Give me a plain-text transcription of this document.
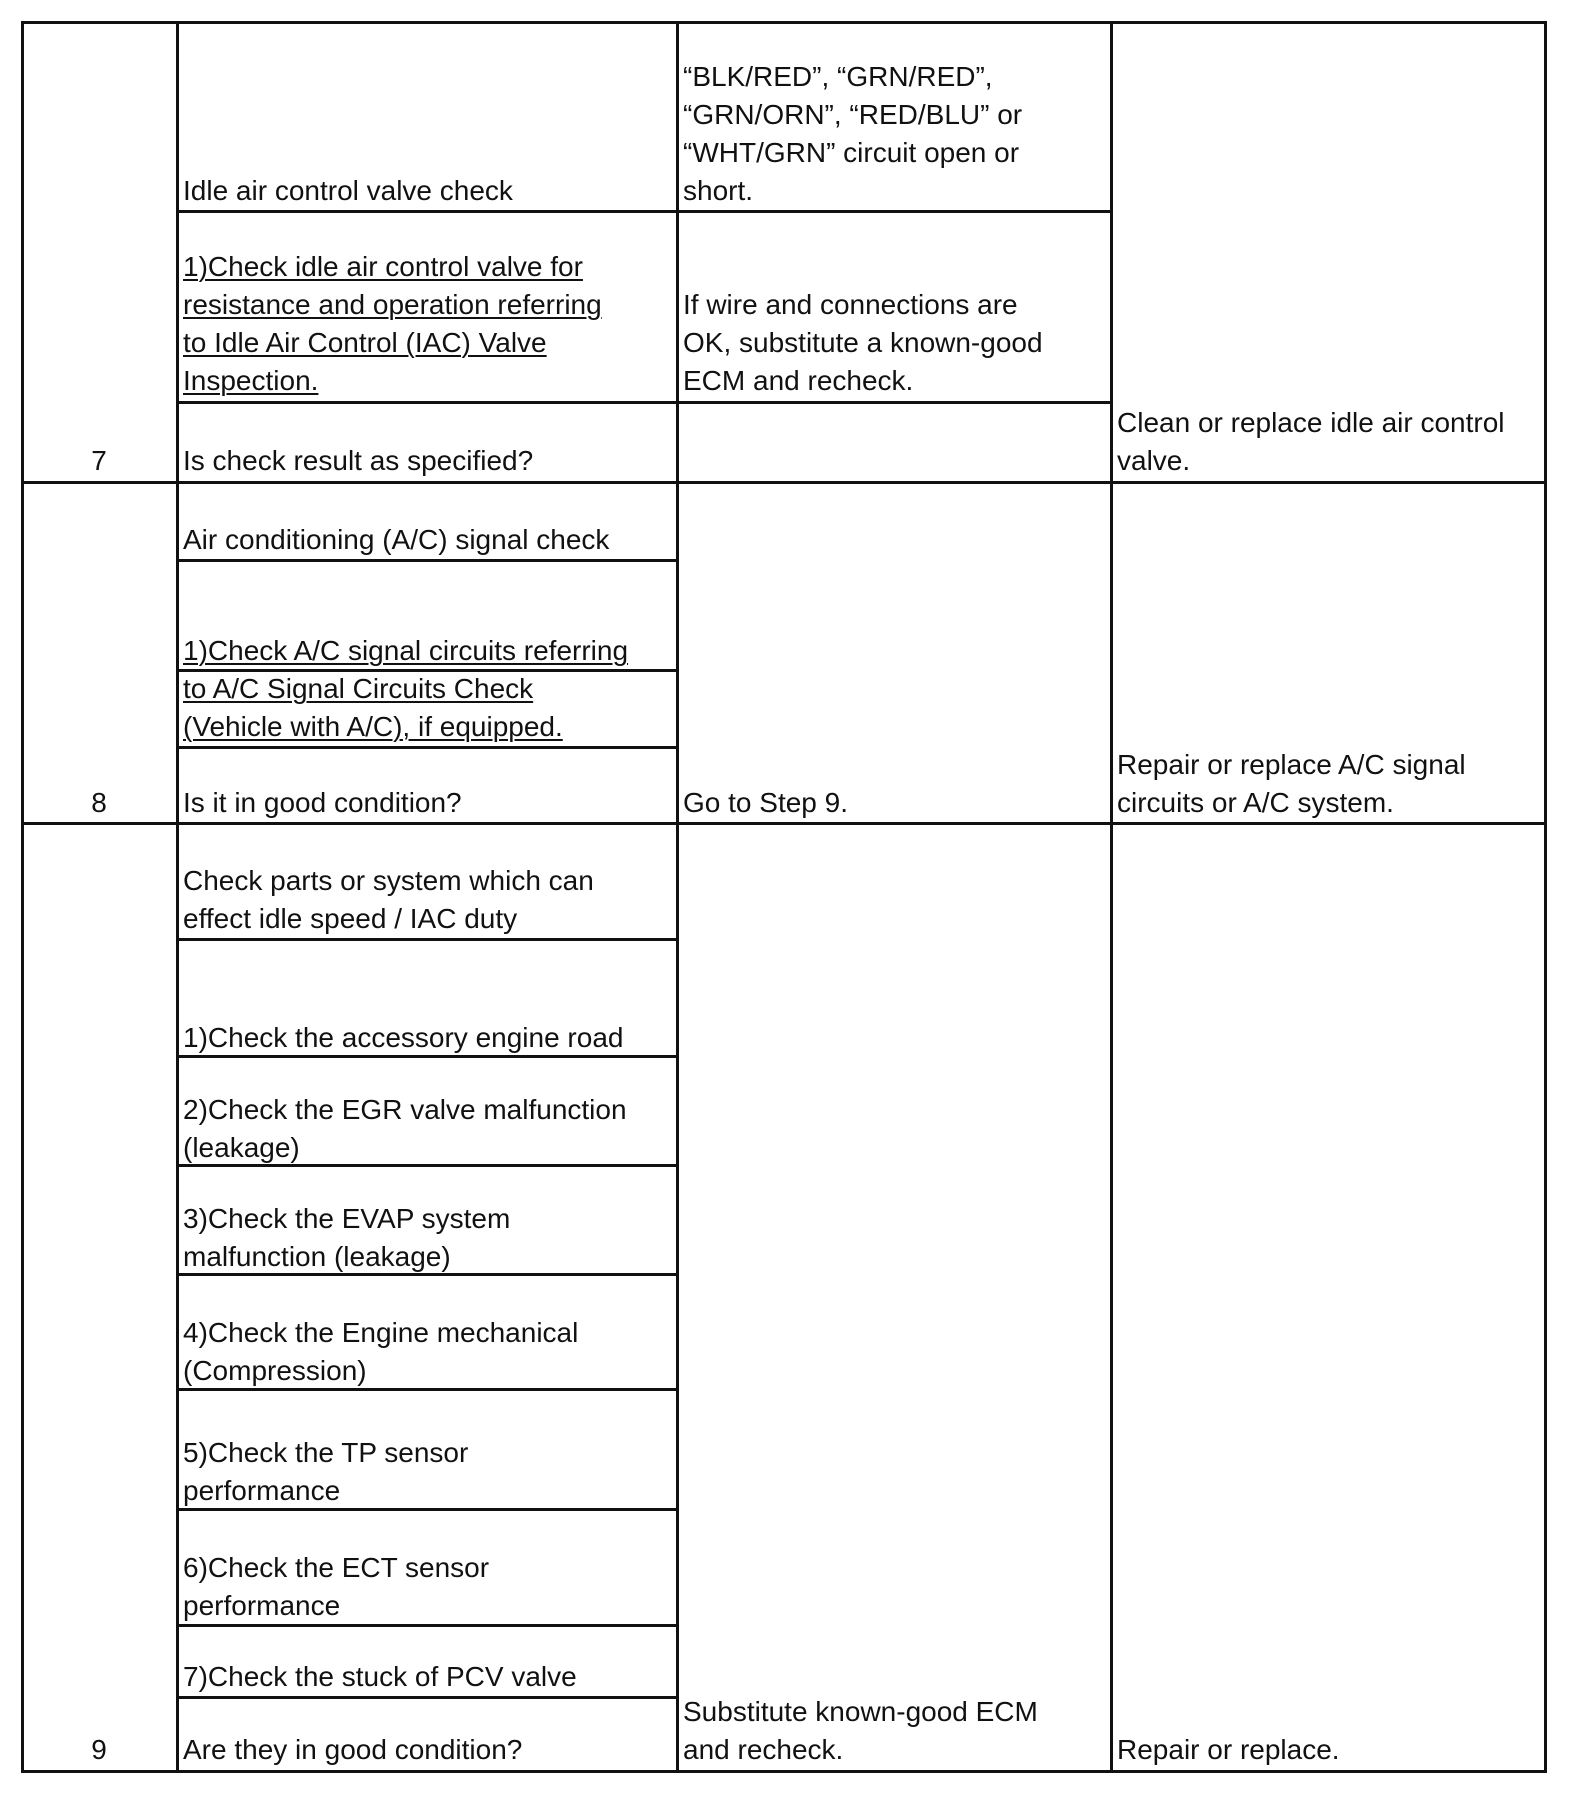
7
Idle air control valve check
1)Check idle air control valve for
resistance and operation referring
to Idle Air Control (IAC) Valve
Inspection.
Is check result as specified?
“BLK/RED”, “GRN/RED”,
“GRN/ORN”, “RED/BLU” or
“WHT/GRN” circuit open or
short.
If wire and connections are
OK, substitute a known-good
ECM and recheck.
Clean or replace idle air control
valve.
8
Air conditioning (A/C) signal check
1)Check A/C signal circuits referring
to A/C Signal Circuits Check
(Vehicle with A/C), if equipped.
Is it in good condition?	Go to Step 9.
Repair or replace A/C signal
circuits or A/C system.
9
Check parts or system which can
effect idle speed / IAC duty
1)Check the accessory engine road
2)Check the EGR valve malfunction
(leakage)
3)Check the EVAP system
malfunction (leakage)
4)Check the Engine mechanical
(Compression)
5)Check the TP sensor
performance
6)Check the ECT sensor
performance
7)Check the stuck of PCV valve
Are they in good condition?
Substitute known-good ECM
and recheck.	Repair or replace.
